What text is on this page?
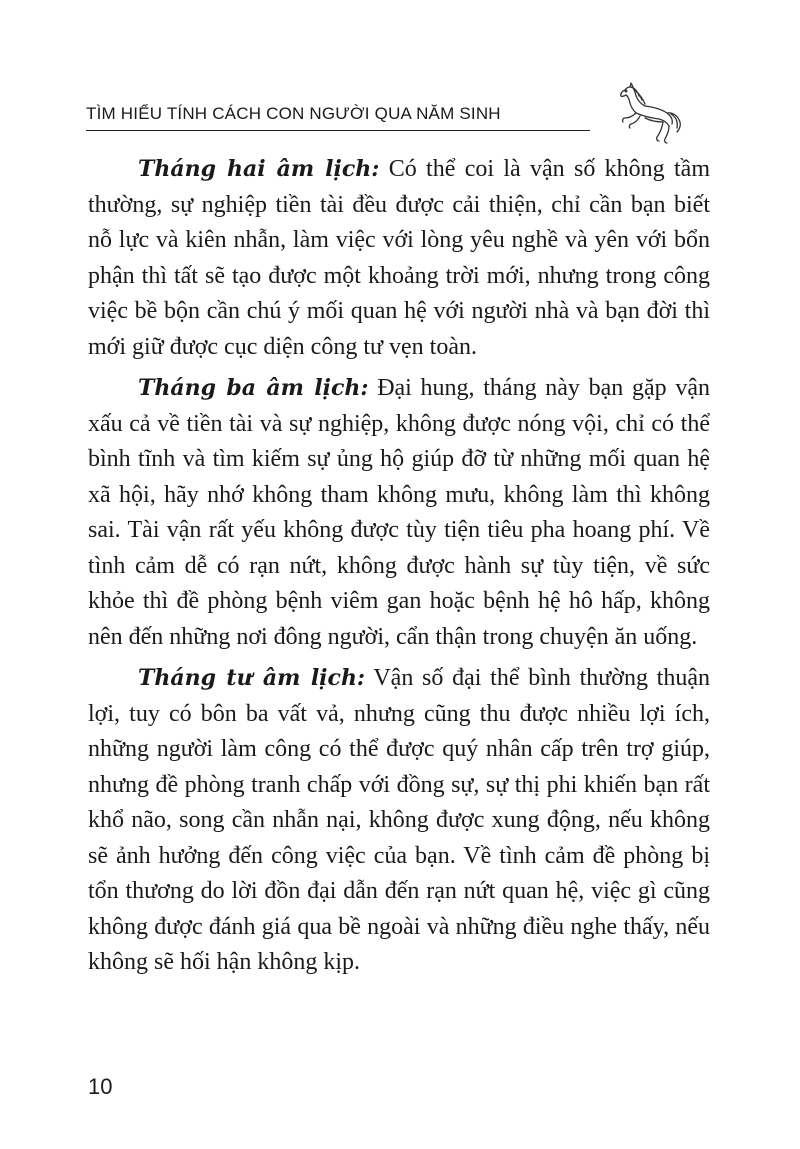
TÌM HIỂU TÍNH CÁCH CON NGƯỜI QUA NĂM SINH

Tháng hai âm lịch: Có thể coi là vận số không tầm thường, sự nghiệp tiền tài đều được cải thiện, chỉ cần bạn biết nỗ lực và kiên nhẫn, làm việc với lòng yêu nghề và yên với bổn phận thì tất sẽ tạo được một khoảng trời mới, nhưng trong công việc bề bộn cần chú ý mối quan hệ với người nhà và bạn đời thì mới giữ được cục diện công tư vẹn toàn.

Tháng ba âm lịch: Đại hung, tháng này bạn gặp vận xấu cả về tiền tài và sự nghiệp, không được nóng vội, chỉ có thể bình tĩnh và tìm kiếm sự ủng hộ giúp đỡ từ những mối quan hệ xã hội, hãy nhớ không tham không mưu, không làm thì không sai. Tài vận rất yếu không được tùy tiện tiêu pha hoang phí. Về tình cảm dễ có rạn nứt, không được hành sự tùy tiện, về sức khỏe thì đề phòng bệnh viêm gan hoặc bệnh hệ hô hấp, không nên đến những nơi đông người, cẩn thận trong chuyện ăn uống.

Tháng tư âm lịch: Vận số đại thể bình thường thuận lợi, tuy có bôn ba vất vả, nhưng cũng thu được nhiều lợi ích, những người làm công có thể được quý nhân cấp trên trợ giúp, nhưng đề phòng tranh chấp với đồng sự, sự thị phi khiến bạn rất khổ não, song cần nhẫn nại, không được xung động, nếu không sẽ ảnh hưởng đến công việc của bạn. Về tình cảm đề phòng bị tổn thương do lời đồn đại dẫn đến rạn nứt quan hệ, việc gì cũng không được đánh giá qua bề ngoài và những điều nghe thấy, nếu không sẽ hối hận không kịp.

10
